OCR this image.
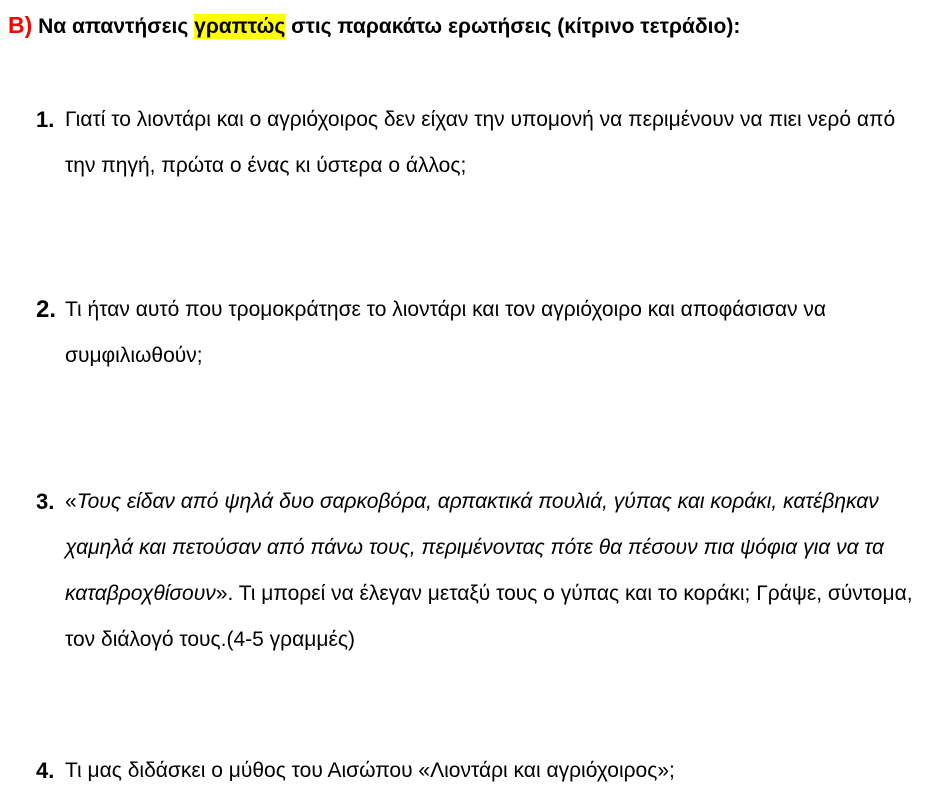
B) Να απαντήσεις γραπτώς στις παρακάτω ερωτήσεις (κίτρινο τετράδιο):
1. Γιατί το λιοντάρι και ο αγριόχοιρος δεν είχαν την υπομονή να περιμένουν να πιει νερό από την πηγή, πρώτα ο ένας κι ύστερα ο άλλος;
2. Τι ήταν αυτό που τρομοκράτησε το λιοντάρι και τον αγριόχοιρο και αποφάσισαν να συμφιλιωθούν;
3. «Τους είδαν από ψηλά δυο σαρκοβόρα, αρπακτικά πουλιά, γύπας και κοράκι, κατέβηκαν χαμηλά και πετούσαν από πάνω τους, περιμένοντας πότε θα πέσουν πια ψόφια για να τα καταβροχθίσουν». Τι μπορεί να έλεγαν μεταξύ τους ο γύπας και το κοράκι; Γράψε, σύντομα, τον διάλογό τους.(4-5 γραμμές)
4. Τι μας διδάσκει ο μύθος του Αισώπου «Λιοντάρι και αγριόχοιρος»;
